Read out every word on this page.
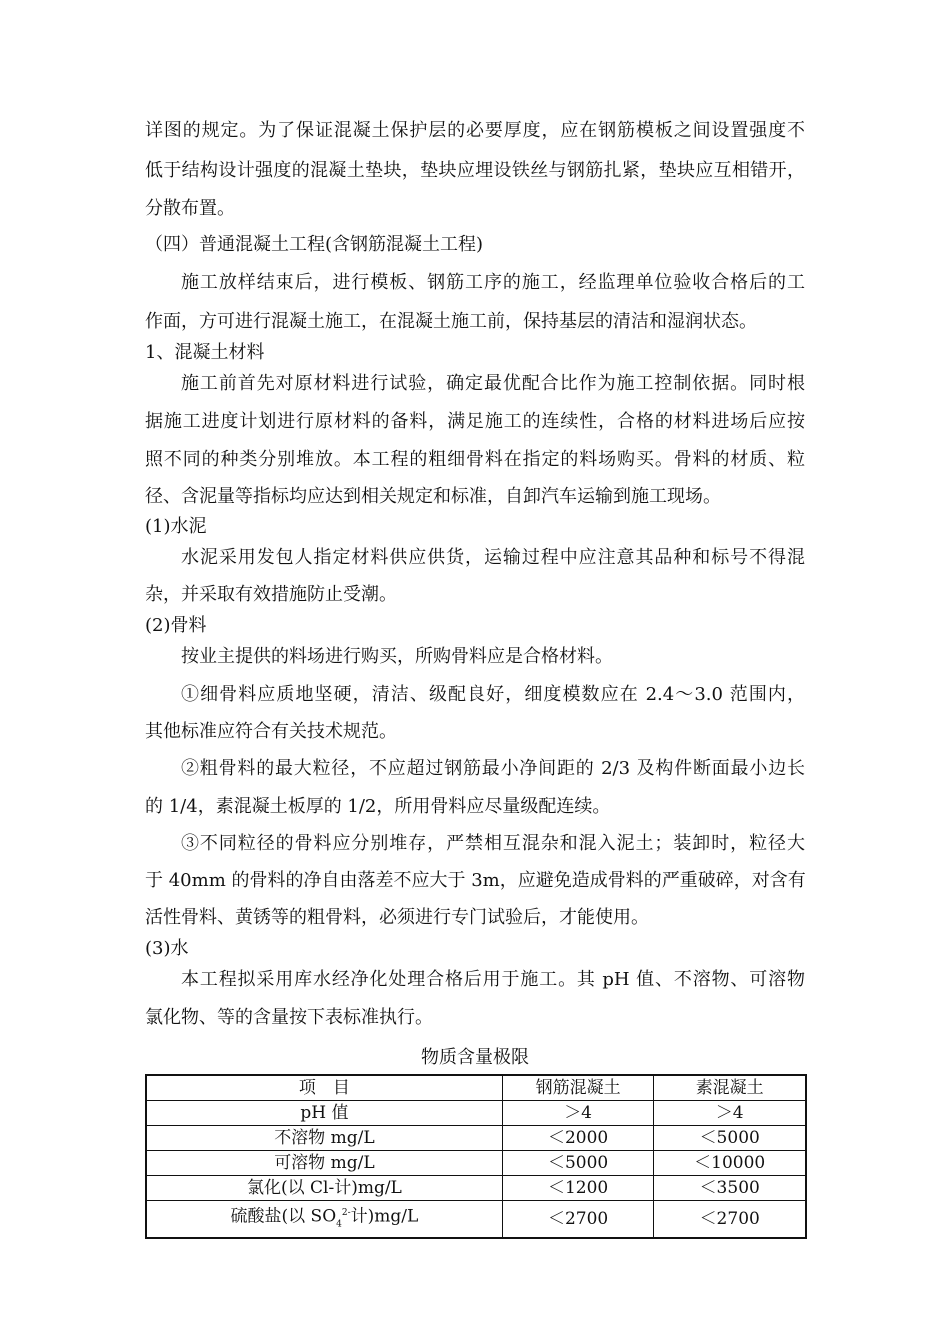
详图的规定。为了保证混凝土保护层的必要厚度，应在钢筋模板之间设置强度不
低于结构设计强度的混凝土垫块，垫块应埋设铁丝与钢筋扎紧，垫块应互相错开，
分散布置。
（四）普通混凝土工程(含钢筋混凝土工程)
施工放样结束后，进行模板、钢筋工序的施工，经监理单位验收合格后的工
作面，方可进行混凝土施工，在混凝土施工前，保持基层的清洁和湿润状态。
1、混凝土材料
施工前首先对原材料进行试验，确定最优配合比作为施工控制依据。同时根
据施工进度计划进行原材料的备料，满足施工的连续性，合格的材料进场后应按
照不同的种类分别堆放。本工程的粗细骨料在指定的料场购买。骨料的材质、粒
径、含泥量等指标均应达到相关规定和标准，自卸汽车运输到施工现场。
(1)水泥
水泥采用发包人指定材料供应供货，运输过程中应注意其品种和标号不得混
杂，并采取有效措施防止受潮。
(2)骨料
按业主提供的料场进行购买，所购骨料应是合格材料。
①细骨料应质地坚硬，清洁、级配良好，细度模数应在 2.4～3.0 范围内，
其他标准应符合有关技术规范。
②粗骨料的最大粒径，不应超过钢筋最小净间距的 2/3 及构件断面最小边长
的 1/4，素混凝土板厚的 1/2，所用骨料应尽量级配连续。
③不同粒径的骨料应分别堆存，严禁相互混杂和混入泥土；装卸时，粒径大
于 40mm 的骨料的净自由落差不应大于 3m，应避免造成骨料的严重破碎，对含有
活性骨料、黄锈等的粗骨料，必须进行专门试验后，才能使用。
(3)水
本工程拟采用库水经净化处理合格后用于施工。其 pH 值、不溶物、可溶物
氯化物、等的含量按下表标准执行。
物质含量极限
项　目	钢筋混凝土	素混凝土
pH 值	＞4	＞4
不溶物 mg/L	＜2000	＜5000
可溶物 mg/L	＜5000	＜10000
氯化(以 Cl-计)mg/L	＜1200	＜3500
硫酸盐(以 $SO_4^{2-}$计)mg/L	＜2700	＜2700
